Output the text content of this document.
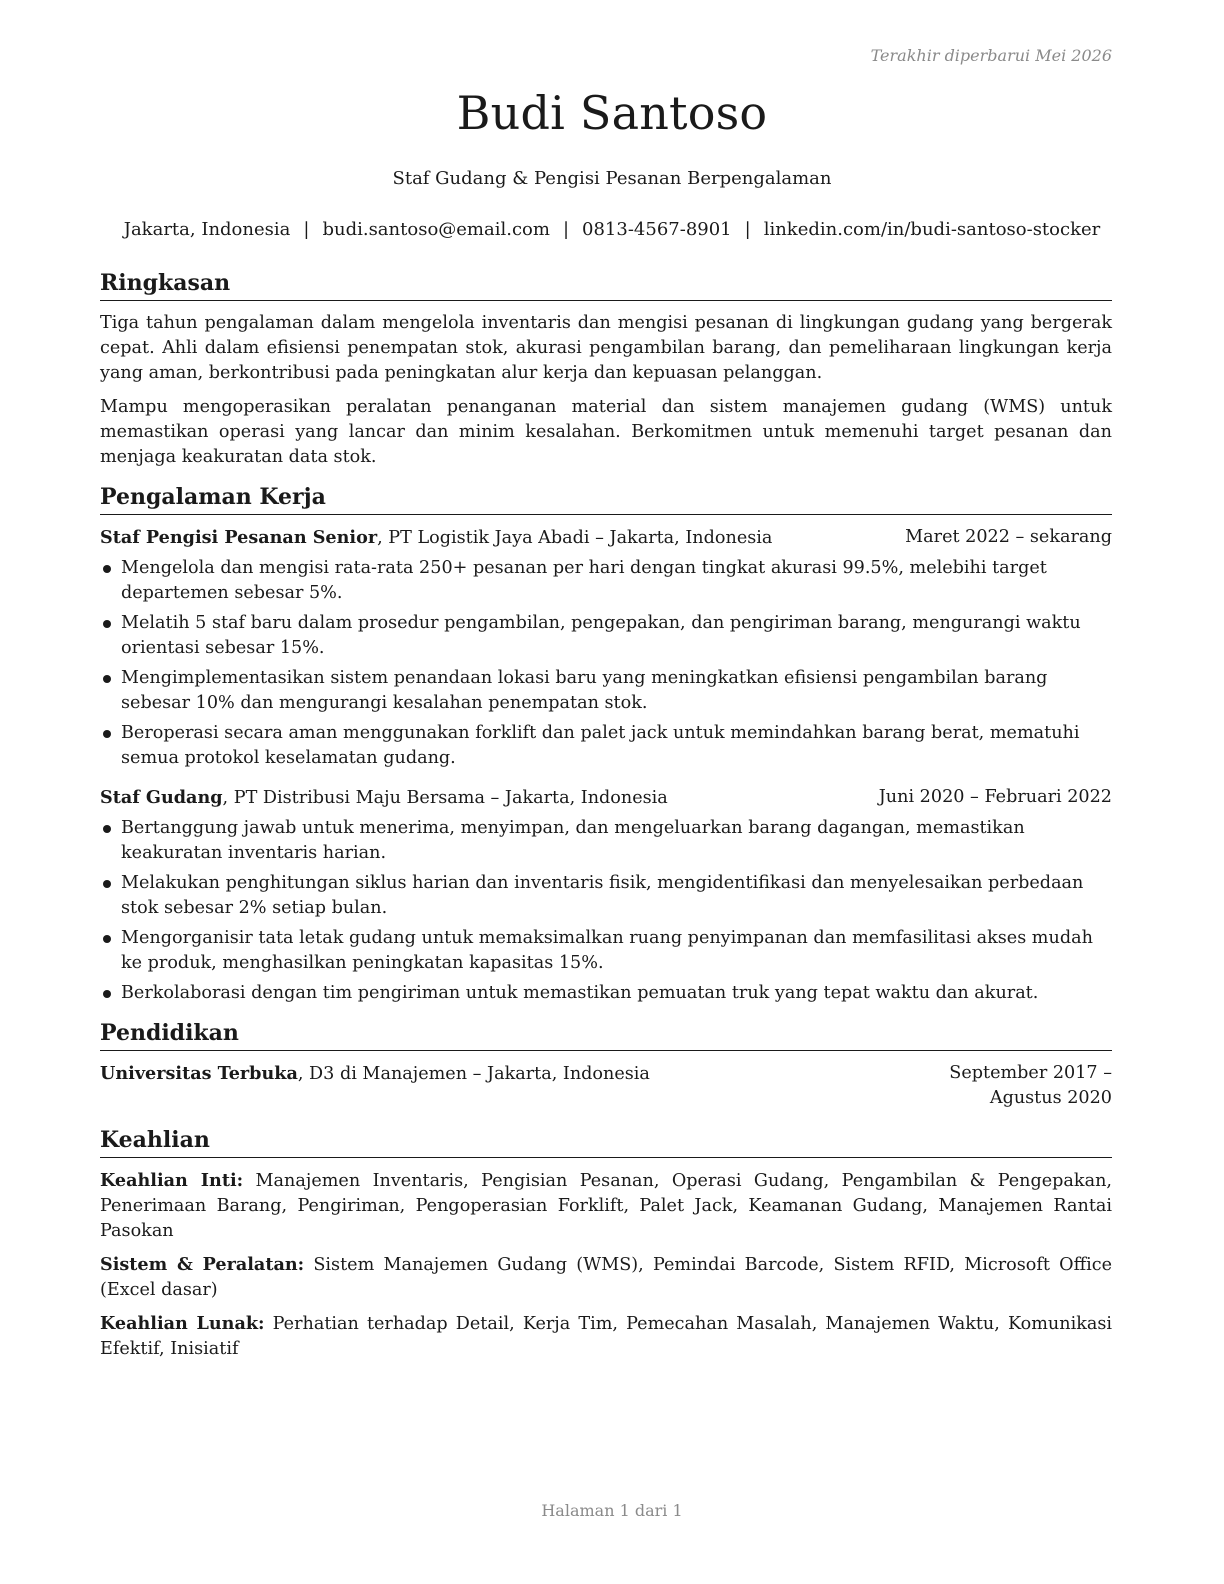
Terakhir diperbarui Mei 2026
Budi Santoso
Staf Gudang & Pengisi Pesanan Berpengalaman
Jakarta, Indonesia | budi.santoso@email.com | 0813-4567-8901 | linkedin.com/in/budi-santoso-stocker
Ringkasan

Tiga tahun pengalaman dalam mengelola inventaris dan mengisi pesanan di lingkungan gudang yang bergerak cepat. Ahli dalam efisiensi penempatan stok, akurasi pengambilan barang, dan pemeliharaan lingkungan kerja yang aman, berkontribusi pada peningkatan alur kerja dan kepuasan pelanggan.

Mampu mengoperasikan peralatan penanganan material dan sistem manajemen gudang (WMS) untuk memastikan operasi yang lancar dan minim kesalahan. Berkomitmen untuk memenuhi target pesanan dan menjaga keakuratan data stok.

Pengalaman Kerja
Staf Pengisi Pesanan Senior, PT Logistik Jaya Abadi – Jakarta, Indonesia	Maret 2022 – sekarang
Mengelola dan mengisi rata-rata 250+ pesanan per hari dengan tingkat akurasi 99.5%, melebihi target departemen sebesar 5%.
Melatih 5 staf baru dalam prosedur pengambilan, pengepakan, dan pengiriman barang, mengurangi waktu orientasi sebesar 15%.
Mengimplementasikan sistem penandaan lokasi baru yang meningkatkan efisiensi pengambilan barang sebesar 10% dan mengurangi kesalahan penempatan stok.
Beroperasi secara aman menggunakan forklift dan palet jack untuk memindahkan barang berat, mematuhi semua protokol keselamatan gudang.
Staf Gudang, PT Distribusi Maju Bersama – Jakarta, Indonesia	Juni 2020 – Februari 2022
Bertanggung jawab untuk menerima, menyimpan, dan mengeluarkan barang dagangan, memastikan keakuratan inventaris harian.
Melakukan penghitungan siklus harian dan inventaris fisik, mengidentifikasi dan menyelesaikan perbedaan stok sebesar 2% setiap bulan.
Mengorganisir tata letak gudang untuk memaksimalkan ruang penyimpanan dan memfasilitasi akses mudah ke produk, menghasilkan peningkatan kapasitas 15%.
Berkolaborasi dengan tim pengiriman untuk memastikan pemuatan truk yang tepat waktu dan akurat.
Pendidikan
Universitas Terbuka, D3 di Manajemen – Jakarta, Indonesia	September 2017 – Agustus 2020
Keahlian

Keahlian Inti: Manajemen Inventaris, Pengisian Pesanan, Operasi Gudang, Pengambilan & Pengepakan, Penerimaan Barang, Pengiriman, Pengoperasian Forklift, Palet Jack, Keamanan Gudang, Manajemen Rantai Pasokan

Sistem & Peralatan: Sistem Manajemen Gudang (WMS), Pemindai Barcode, Sistem RFID, Microsoft Office (Excel dasar)

Keahlian Lunak: Perhatian terhadap Detail, Kerja Tim, Pemecahan Masalah, Manajemen Waktu, Komunikasi Efektif, Inisiatif

Halaman 1 dari 1
